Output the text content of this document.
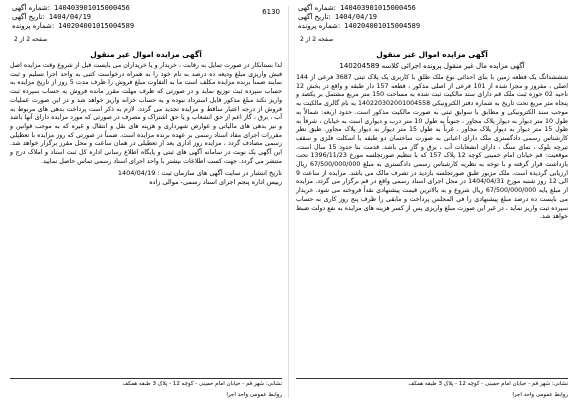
شماره آگهی: 140403901015000456
تاریخ آگهی: 1404/04/19
شماره پرونده: 140204001015004589
صفحه 2 از 2
آگهی مزایده اموال غیر منقول
آگهی مزایده مال غیر منقول پرونده اجرائی کلاسه 140204589

شششدانگ یک قطعه زمین با بنای احداثی نوع ملک طلق با کاربری یک پلاک ثبتی 3687 فرعی از 144 اصلی ، مفروز و مجزا شده از 101 فرعی از اصلی مذکور ، قطعه 157 دار طبقه و واقع در بخش 12 ناحیه 02 حوزه ثبت ملک قم دارای سند مالکیت ثبت شده به مساحت 150 متر مربع مشتمل بر یکصد و پنجاه متر مربع تحت تاریخ به شماره دفتر الکترونیکی 140220302001004558 به نام گالری مالکیت به موجب سند الکترونیکی و مطابق با سوابق ثبتی به صورت مالکیت مذکور است. حدود اربعه: شمالاً به طول 10 متر دیوار به دیوار پلاک مجاور ، جنوباً به طول 10 متر درب و دیواری است به خیابان ، شرقاً به طول 15 متر دیوار به دیوار پلاک مجاور ، غرباً به طول 15 متر دیوار به دیوار پلاک مجاور. طبق نظر کارشناس رسمی دادگستری ملک دارای اعیانی به صورت ساختمان دو طبقه با اسکلت فلزی و سقف تیرچه بلوک ، نمای سنگ ، دارای انشعابات آب ، برق و گاز می باشد. قدمت بنا حدود 15 سال است. موقعیت: قم خیابان امام خمینی کوچه 12 پلاک 157 که با تنظیم صورتجلسه مورخ 1396/11/23 تحت بازداشت قرار گرفته و با توجه به نظریه کارشناس رسمی دادگستری به مبلغ 67/500/000/000 ریال ارزیابی گردیده است. ملک مزبور طبق صورتجلسه بازدید در تصرف مالک می باشد. مزایده از ساعت 9 الی 12 روز شنبه مورخ 1404/04/31 در محل اجرای اسناد رسمی واقع در قم برگزار می گردد. مزایده از مبلغ پایه 67/500/000/000 ریال شروع و به بالاترین قیمت پیشنهادی نقداً فروخته می شود. خریدار می بایست ده درصد مبلغ پیشنهادی را فی المجلس پرداخت و مابقی را ظرف پنج روز کاری به حساب سپرده ثبت واریز نماید ، در غیر این صورت مبلغ واریزی پس از کسر هزینه های مزایده به نفع دولت ضبط خواهد شد.

نشانی: شهر قم - خیابان امام خمینی - کوچه 12 - پلاک 3 طبقه همکف
روابط عمومی واحد اجرا
شماره آگهی: 140403901015000456
تاریخ آگهی: 1404/04/19
شماره پرونده: 140204001015004589
6130
صفحه 2 از 2
آگهی مزایده اموال غیر منقول

لذا بستانکار در صورت تمایل به رقابت ، خریدار و یا خریداران می بایست قبل از شروع وقت مزایده اصل فیش واریزی مبلغ ودیعه ده درصد به نام خود را به همراه درخواست کتبی به واحد اجرا تسلیم و ثبت نمایند ضمناً برنده مزایده مکلف است ما به التفاوت مبلغ فروش را ظرف مدت 5 روز از تاریخ مزایده به حساب سپرده ثبت توزیع نماید و در صورتی که ظرف مهلت مقرر مانده فروش به حساب سپرده ثبت واریز نکند مبلغ مذکور قابل استرداد نبوده و به حساب خزانه واریز خواهد شد و در این صورت عملیات فروش از درجه اعتبار ساقط و مزایده تجدید می گردد. لازم به ذکر است پرداخت بدهی های مربوط به آب ، برق ، گاز اعم از حق انشعاب و یا حق اشتراک و مصرف در صورتی که مورد مزایده دارای آنها باشد و نیز بدهی های مالیاتی و عوارض شهرداری و هزینه های نقل و انتقال و غیره که به موجب قوانین و مقررات اجرای مفاد اسناد رسمی بر عهده برنده مزایده است. ضمناً در صورتی که روز مزایده با تعطیلی رسمی مصادف گردد ، مزایده روز اداری بعد از تعطیلی در همان ساعت و محل مقرر برگزار خواهد شد. این آگهی یک نوبت در سامانه آگهی های ثبتی و پایگاه اطلاع رسانی اداره کل ثبت اسناد و املاک درج و منتشر می گردد. جهت کسب اطلاعات بیشتر با واحد اجرای اسناد رسمی تماس حاصل نمایید.

تاریخ انتشار در سایت آگهی های سازمان ثبت : 1404/04/19
رییس اداره پنجم اجرای اسناد رسمی- موالی زاده
نشانی: شهر قم - خیابان امام خمینی - کوچه 12 - پلاک 3 طبقه همکف
روابط عمومی واحد اجرا
